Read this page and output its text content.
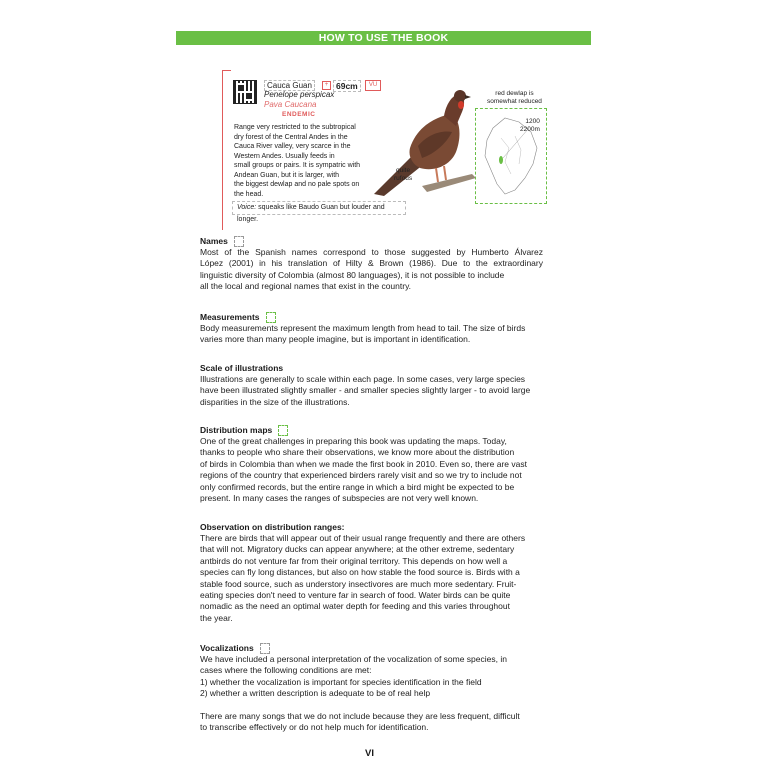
HOW TO USE THE BOOK
Cauca Guan	+ 69cm	VU
Penelope perspicax
Pava Caucana
ENDEMIC
Range very restricted to the subtropical
dry forest of the Central Andes in the
Cauca River valley, very scarce in the
Western Andes. Usually feeds in
small groups or pairs. It is sympatric with
Andean Guan, but it is larger, with
the biggest dewlap and no pale spots on
the head.
Voice: squeaks like Baudo Guan but louder and longer.
quite
rufous
red dewlap is
somewhat reduced
1200
2200m
Names
Most of the Spanish names correspond to those suggested by Humberto Álvarez
López (2001) in his translation of Hilty & Brown (1986). Due to the extraordinary
linguistic diversity of Colombia (almost 80 languages), it is not possible to include
all the local and regional names that exist in the country.
Measurements
Body measurements represent the maximum length from head to tail. The size of birds
varies more than many people imagine, but is important in identification.
Scale of illustrations
Illustrations are generally to scale within each page. In some cases, very large species
have been illustrated slightly smaller - and smaller species slightly larger - to avoid large
disparities in the size of the illustrations.
Distribution maps
One of the great challenges in preparing this book was updating the maps. Today,
thanks to people who share their observations, we know more about the distribution
of birds in Colombia than when we made the first book in 2010. Even so, there are vast
regions of the country that experienced birders rarely visit and so we try to include not
only confirmed records, but the entire range in which a bird might be expected to be
present. In many cases the ranges of subspecies are not very well known.
Observation on distribution ranges:
There are birds that will appear out of their usual range frequently and there are others
that will not. Migratory ducks can appear anywhere; at the other extreme, sedentary
antbirds do not venture far from their original territory. This depends on how well a
species can fly long distances, but also on how stable the food source is. Birds with a
stable food source, such as understory insectivores are much more sedentary. Fruit-
eating species don't need to venture far in search of food. Water birds can be quite
nomadic as the need an optimal water depth for feeding and this varies throughout
the year.
Vocalizations
We have included a personal interpretation of the vocalization of some species, in
cases where the following conditions are met:
1) whether the vocalization is important for species identification in the field
2) whether a written description is adequate to be of real help
There are many songs that we do not include because they are less frequent, difficult
to transcribe effectively or do not help much for identification.
VI
